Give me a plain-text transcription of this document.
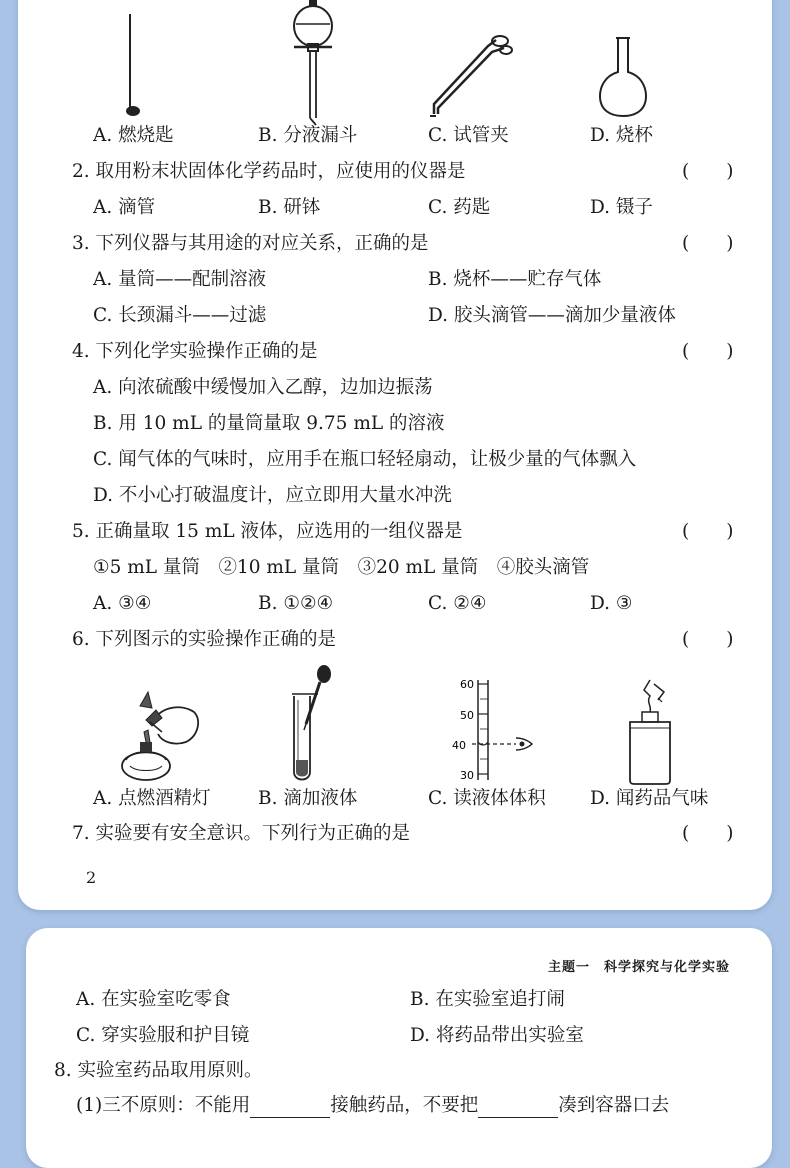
A. 燃烧匙	B. 分液漏斗	C. 试管夹	D. 烧杯
2. 取用粉末状固体化学药品时，应使用的仪器是	(　　)
A. 滴管	B. 研钵	C. 药匙	D. 镊子
3. 下列仪器与其用途的对应关系，正确的是	(　　)
A. 量筒——配制溶液	B. 烧杯——贮存气体
C. 长颈漏斗——过滤	D. 胶头滴管——滴加少量液体
4. 下列化学实验操作正确的是	(　　)
A. 向浓硫酸中缓慢加入乙醇，边加边振荡
B. 用 10 mL 的量筒量取 9.75 mL 的溶液
C. 闻气体的气味时，应用手在瓶口轻轻扇动，让极少量的气体飘入
D. 不小心打破温度计，应立即用大量水冲洗
5. 正确量取 15 mL 液体，应选用的一组仪器是	(　　)
①5 mL 量筒　②10 mL 量筒　③20 mL 量筒　④胶头滴管
A. ③④	B. ①②④	C. ②④	D. ③
6. 下列图示的实验操作正确的是	(　　)
60
50
40
30
A. 点燃酒精灯	B. 滴加液体	C. 读液体体积 D. 闻药品气味
7. 实验要有安全意识。下列行为正确的是	(　　)
2
主题一　科学探究与化学实验
A. 在实验室吃零食	B. 在实验室追打闹
C. 穿实验服和护目镜	D. 将药品带出实验室
8. 实验室药品取用原则。
(1)三不原则：不能用	接触药品，不要把	凑到容器口去
